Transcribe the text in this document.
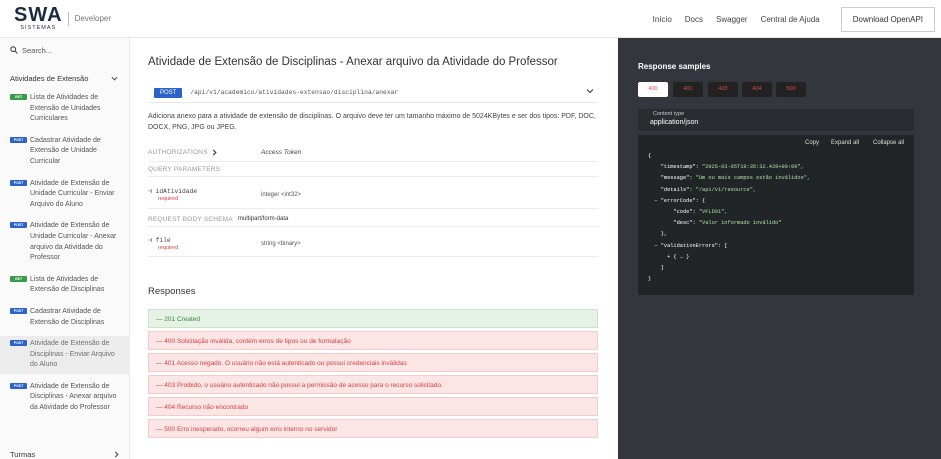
SWA
SISTEMAS
Developer	Início Docs Swagger Central de Ajuda	Download OpenAPI
Search...
Atividades de Extensão
GET	Lista de Atividades de Extensão de Unidades Curriculares
POST Cadastrar Atividade de Extensão de Unidade Curricular
POST Atividade de Extensão de Unidade Curricular - Enviar Arquivo do Aluno
POST Atividade de Extensão de Unidade Curricular - Anexar arquivo da Atividade do Professor
GET	Lista de Atividades de Extensão de Disciplinas
POST Cadastrar Atividade de Extensão de Disciplinas
POST Atividade de Extensão de Disciplinas - Enviar Arquivo do Aluno
POST Atividade de Extensão de Disciplinas - Anexar arquivo da Atividade do Professor
Turmas
Atividade de Extensão de Disciplinas - Anexar arquivo da Atividade do Professor
POST	/api/v1/academico/atividades-extensao/disciplina/anexar
Adiciona anexo para a atividade de extensão de disciplinas. O arquivo deve ter um tamanho máximo de 5024KBytes e ser dos tipos: PDF, DOC, DOCX, PNG, JPG ou JPEG.
AUTHORIZATIONS	Access Token
QUERY PARAMETERS
⊣ idAtividade
required
integer <int32>
REQUEST BODY SCHEMA multipart/form-data
⊣ file
required
string <binary>
Responses
— 201 Created
— 400 Solicitação inválida, contém erros de tipos ou de formatação
— 401 Acesso negado. O usuário não está autenticado ou possui credenciais inválidas
— 403 Proibido, o usuário autenticado não possui a permissão de acesso para o recurso solicitado.
— 404 Recurso não encontrado
— 500 Erro inesperado, ocorreu algum erro interno no servidor
Response samples
400	401	403	404	500
Content type
application/json
Copy Expand all Collapse all
{
"timestamp": "2025-03-05T19:35:32.428+00:00",
"message": "Um ou mais campos estão inválidos",
"details": "/api/v1/resource",
– "errorCode": {
"code": "VFLD01",
"desc": "Valor informado inválido"
},
– "validationErrors": [
+ { … }
]
}
